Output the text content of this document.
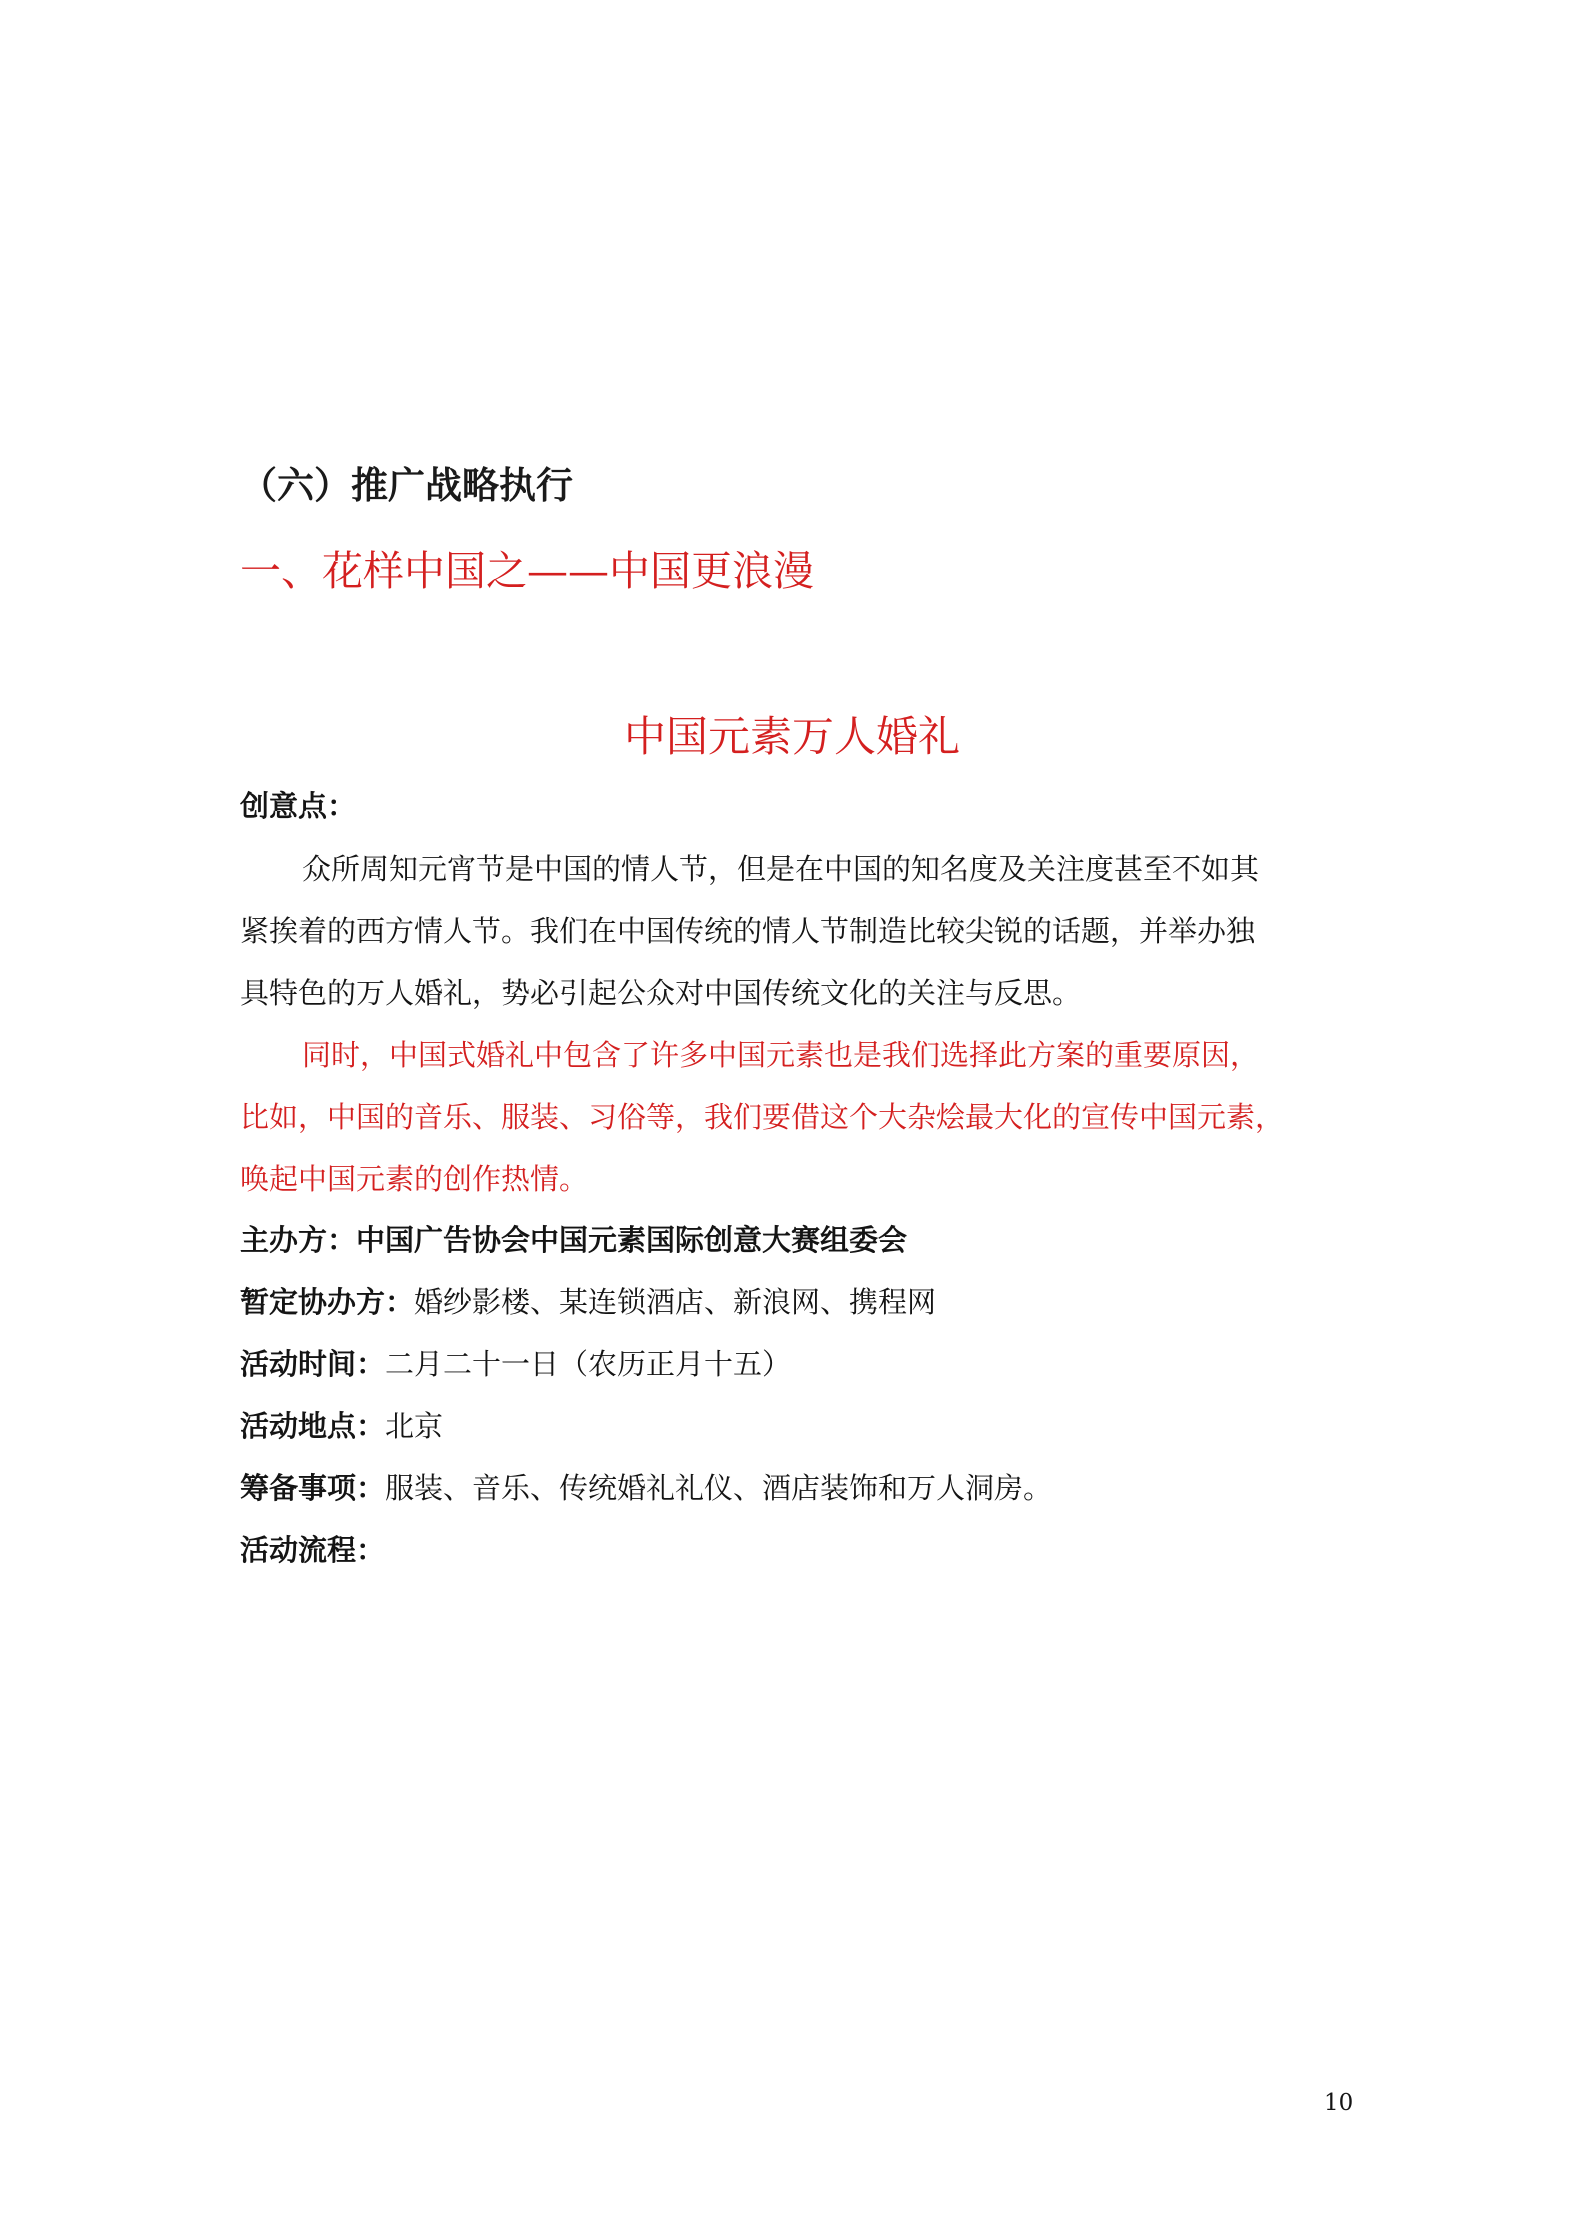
（六）推广战略执行
一、花样中国之——中国更浪漫
中国元素万人婚礼
创意点：
众所周知元宵节是中国的情人节，但是在中国的知名度及关注度甚至不如其
紧挨着的西方情人节。我们在中国传统的情人节制造比较尖锐的话题，并举办独
具特色的万人婚礼，势必引起公众对中国传统文化的关注与反思。
同时，中国式婚礼中包含了许多中国元素也是我们选择此方案的重要原因，
比如，中国的音乐、服装、习俗等，我们要借这个大杂烩最大化的宣传中国元素，
唤起中国元素的创作热情。
主办方：中国广告协会中国元素国际创意大赛组委会
暂定协办方：婚纱影楼、某连锁酒店、新浪网、携程网
活动时间：二月二十一日（农历正月十五）
活动地点：北京
筹备事项：服装、音乐、传统婚礼礼仪、酒店装饰和万人洞房。
活动流程：
10
